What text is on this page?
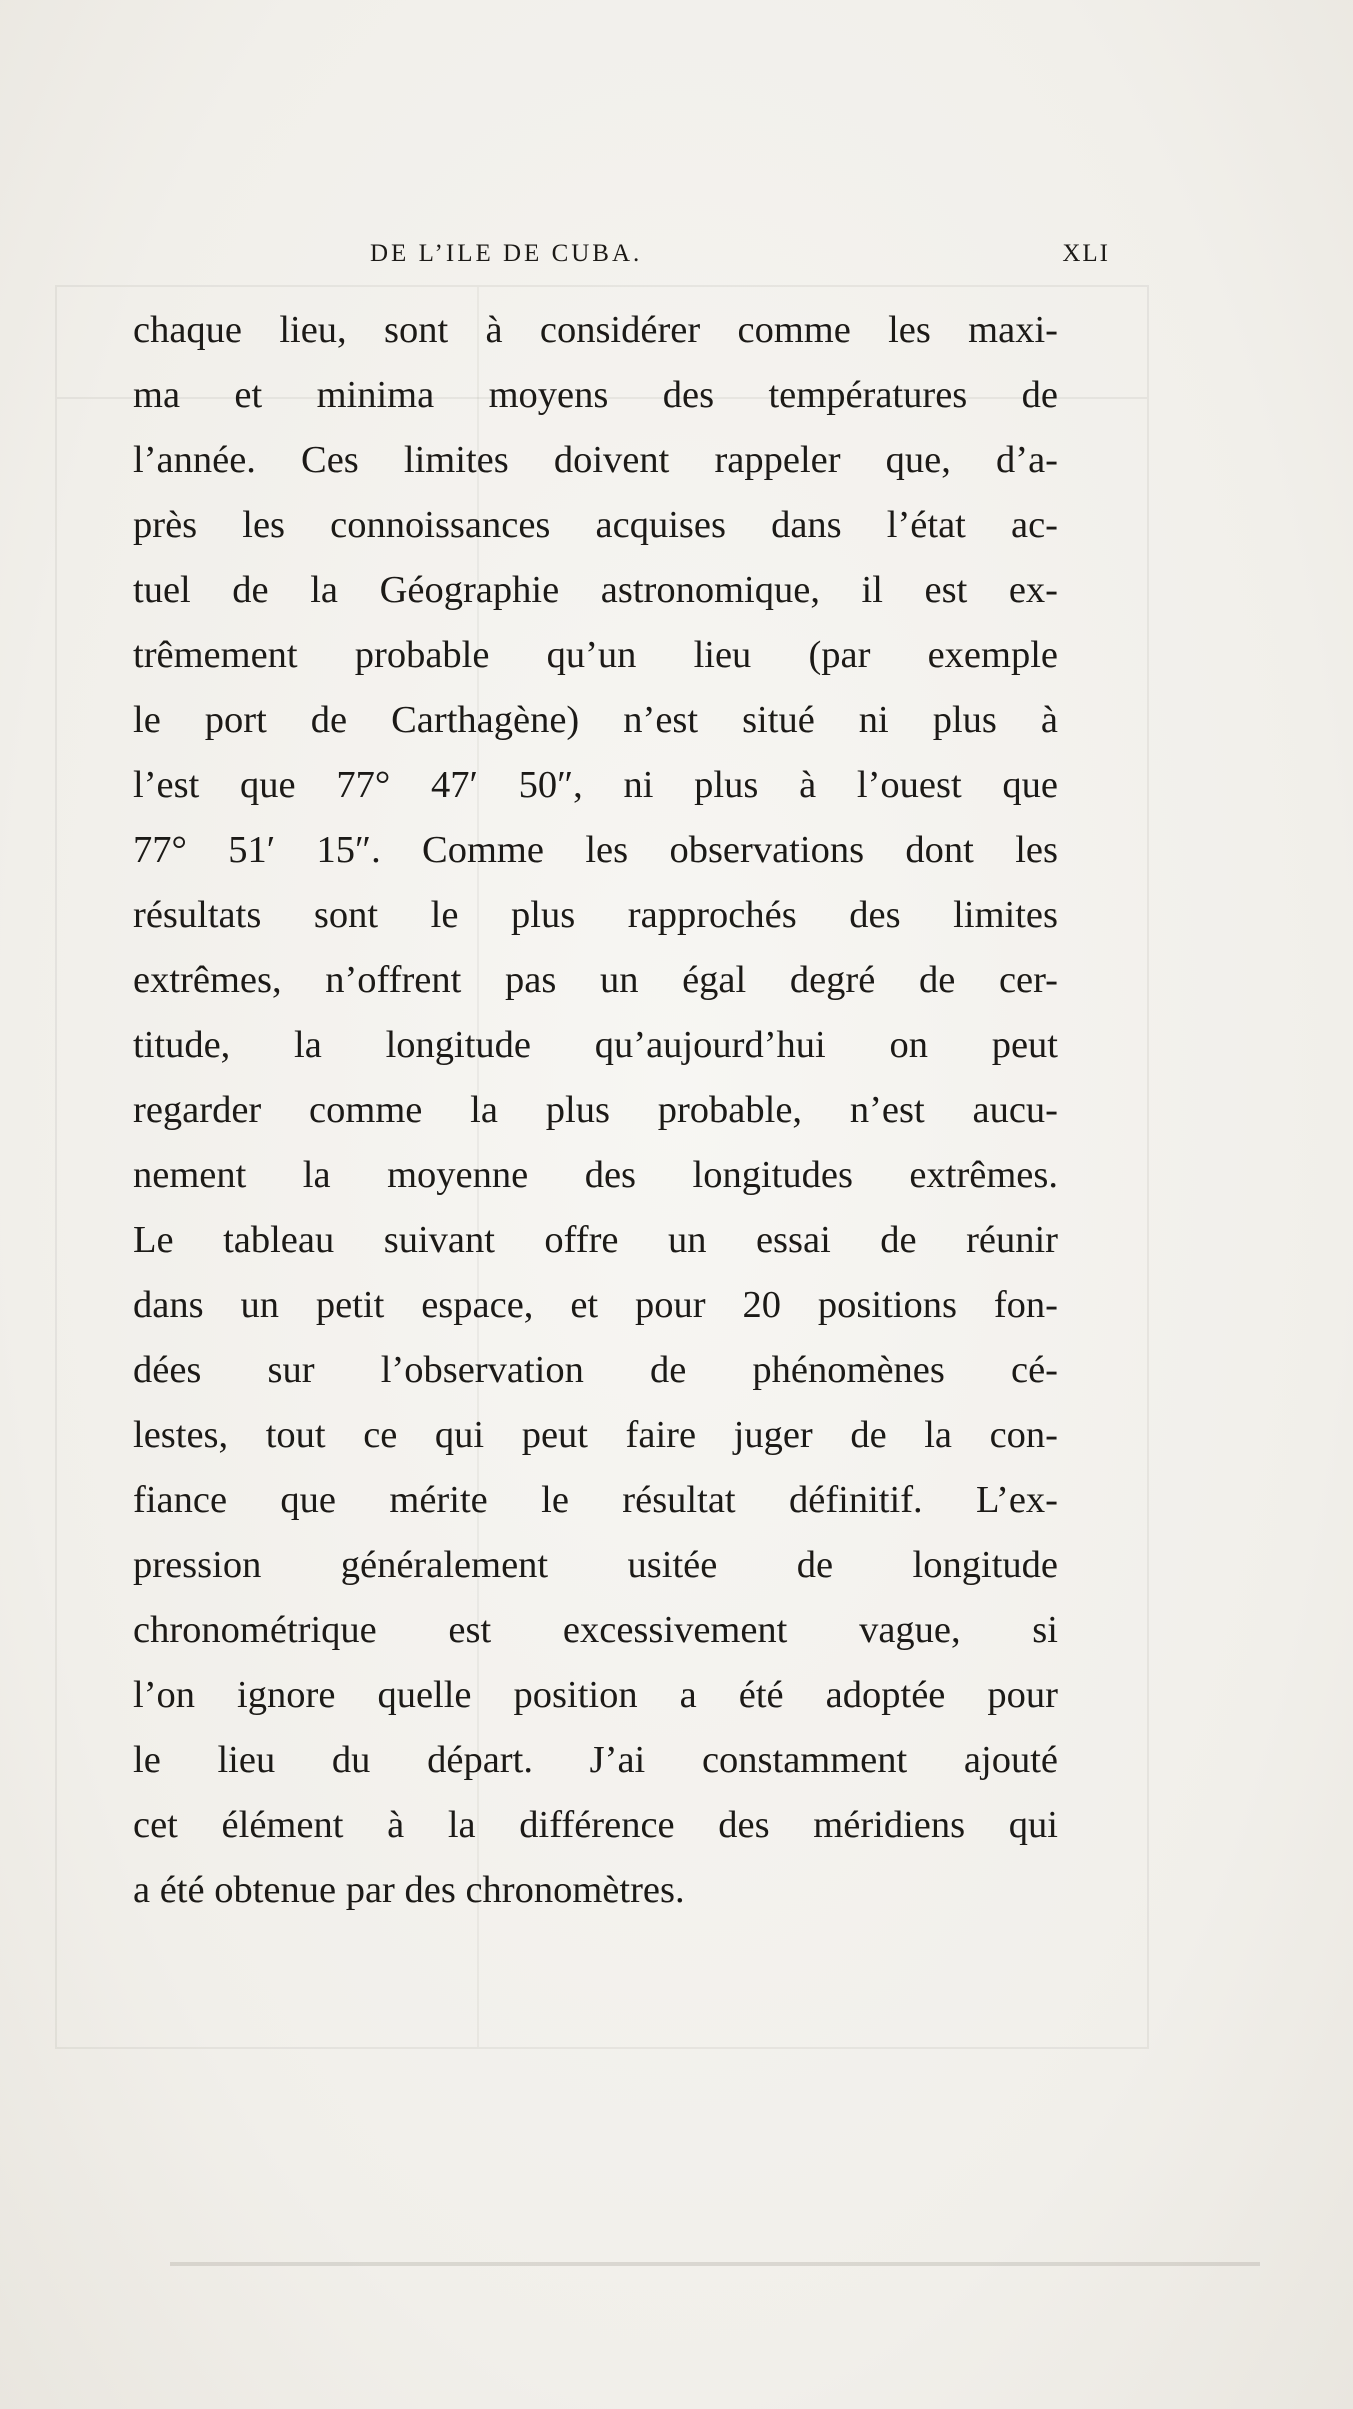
DE L’ILE DE CUBA.	XLI
chaque lieu, sont à considérer comme les maxi-
ma et minima moyens des températures de
l’année. Ces limites doivent rappeler que, d’a-
près les connoissances acquises dans l’état ac-
tuel de la Géographie astronomique, il est ex-
trêmement probable qu’un lieu (par exemple
le port de Carthagène) n’est situé ni plus à
l’est que 77° 47′ 50″, ni plus à l’ouest que
77° 51′ 15″. Comme les observations dont les
résultats sont le plus rapprochés des limites
extrêmes, n’offrent pas un égal degré de cer-
titude, la longitude qu’aujourd’hui on peut
regarder comme la plus probable, n’est aucu-
nement la moyenne des longitudes extrêmes.
Le tableau suivant offre un essai de réunir
dans un petit espace, et pour 20 positions fon-
dées sur l’observation de phénomènes cé-
lestes, tout ce qui peut faire juger de la con-
fiance que mérite le résultat définitif. L’ex-
pression généralement usitée de longitude
chronométrique est excessivement vague, si
l’on ignore quelle position a été adoptée pour
le lieu du départ. J’ai constamment ajouté
cet élément à la différence des méridiens qui
a été obtenue par des chronomètres.
